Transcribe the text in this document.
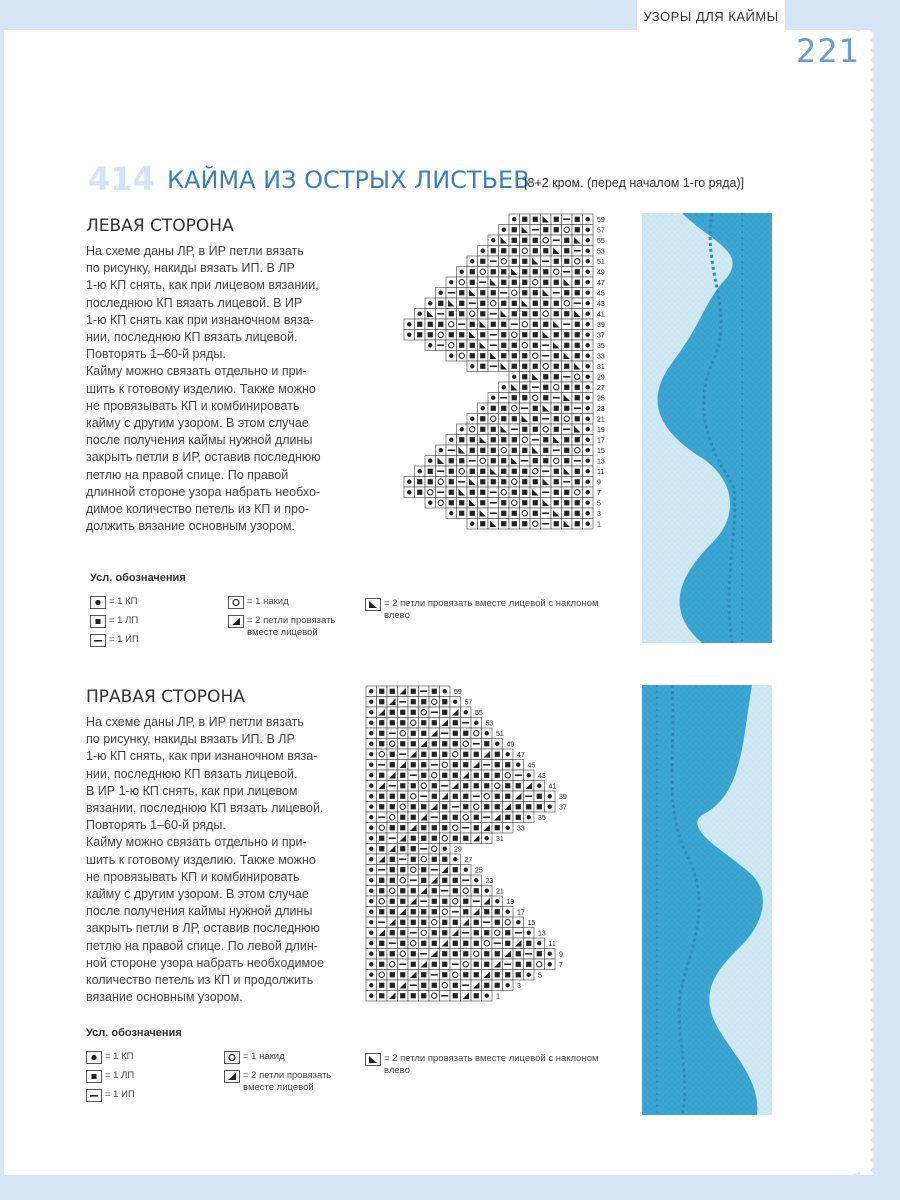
УЗОРЫ ДЛЯ КАЙМЫ
221
414 КАЙМА ИЗ ОСТРЫХ ЛИСТЬЕВ
[8+2 кром. (перед началом 1-го ряда)]
ЛЕВАЯ СТОРОНА

На схеме даны ЛР, в ИР петли вязать

по рисунку, накиды вязать ИП. В ЛР

1-ю КП снять, как при лицевом вязании,

последнюю КП вязать лицевой. В ИР

1-ю КП снять как при изнаночном вяза-

нии, последнюю КП вязать лицевой.

Повторять 1–60-й ряды.

Кайму можно связать отдельно и при-

шить к готовому изделию. Также можно

не провязывать КП и комбинировать

кайму с другим узором. В этом случае

после получения каймы нужной длины

закрыть петли в ИР, оставив последнюю

петлю на правой спице. По правой

длинной стороне узора набрать необхо-

димое количество петель из КП и про-

должить вязание основным узором.

59
57
55
53
51
49
47
45
43
41
39
37
35
33
31
29
27
25
23
21
19
17
15
13
11
9
7
5
3
1
Усл. обозначения
= 1 КП
= 1 ЛП
= 1 ИП
= 1 накид
= 2 петли провязать
вместе лицевой
= 2 петли провязать вместе лицевой с наклоном
влево
ПРАВАЯ СТОРОНА

На схеме даны ЛР, в ИР петли вязать

по рисунку, накиды вязать ИП. В ЛР

1-ю КП снять, как при изнаночном вяза-

нии, последнюю КП вязать лицевой.

В ИР 1-ю КП снять, как при лицевом

вязании, последнюю КП вязать лицевой.

Повторять 1–60-й ряды.

Кайму можно связать отдельно и при-

шить к готовому изделию. Также можно

не провязывать КП и комбинировать

кайму с другим узором. В этом случае

после получения каймы нужной длины

закрыть петли в ЛР, оставив последнюю

петлю на правой спице. По левой длин-

ной стороне узора набрать необходимое

количество петель из КП и продолжить

вязание основным узором.

59
57
55
53
51
49
47
45
43
41
39
37
35
33
31
29
27
25
23
21
19
17
15
13
11
9
7
5
3
1
Усл. обозначения
= 1 КП
= 1 ЛП
= 1 ИП
= 1 накид
= 2 петли провязать
вместе лицевой
= 2 петли провязать вместе лицевой с наклоном
влево
